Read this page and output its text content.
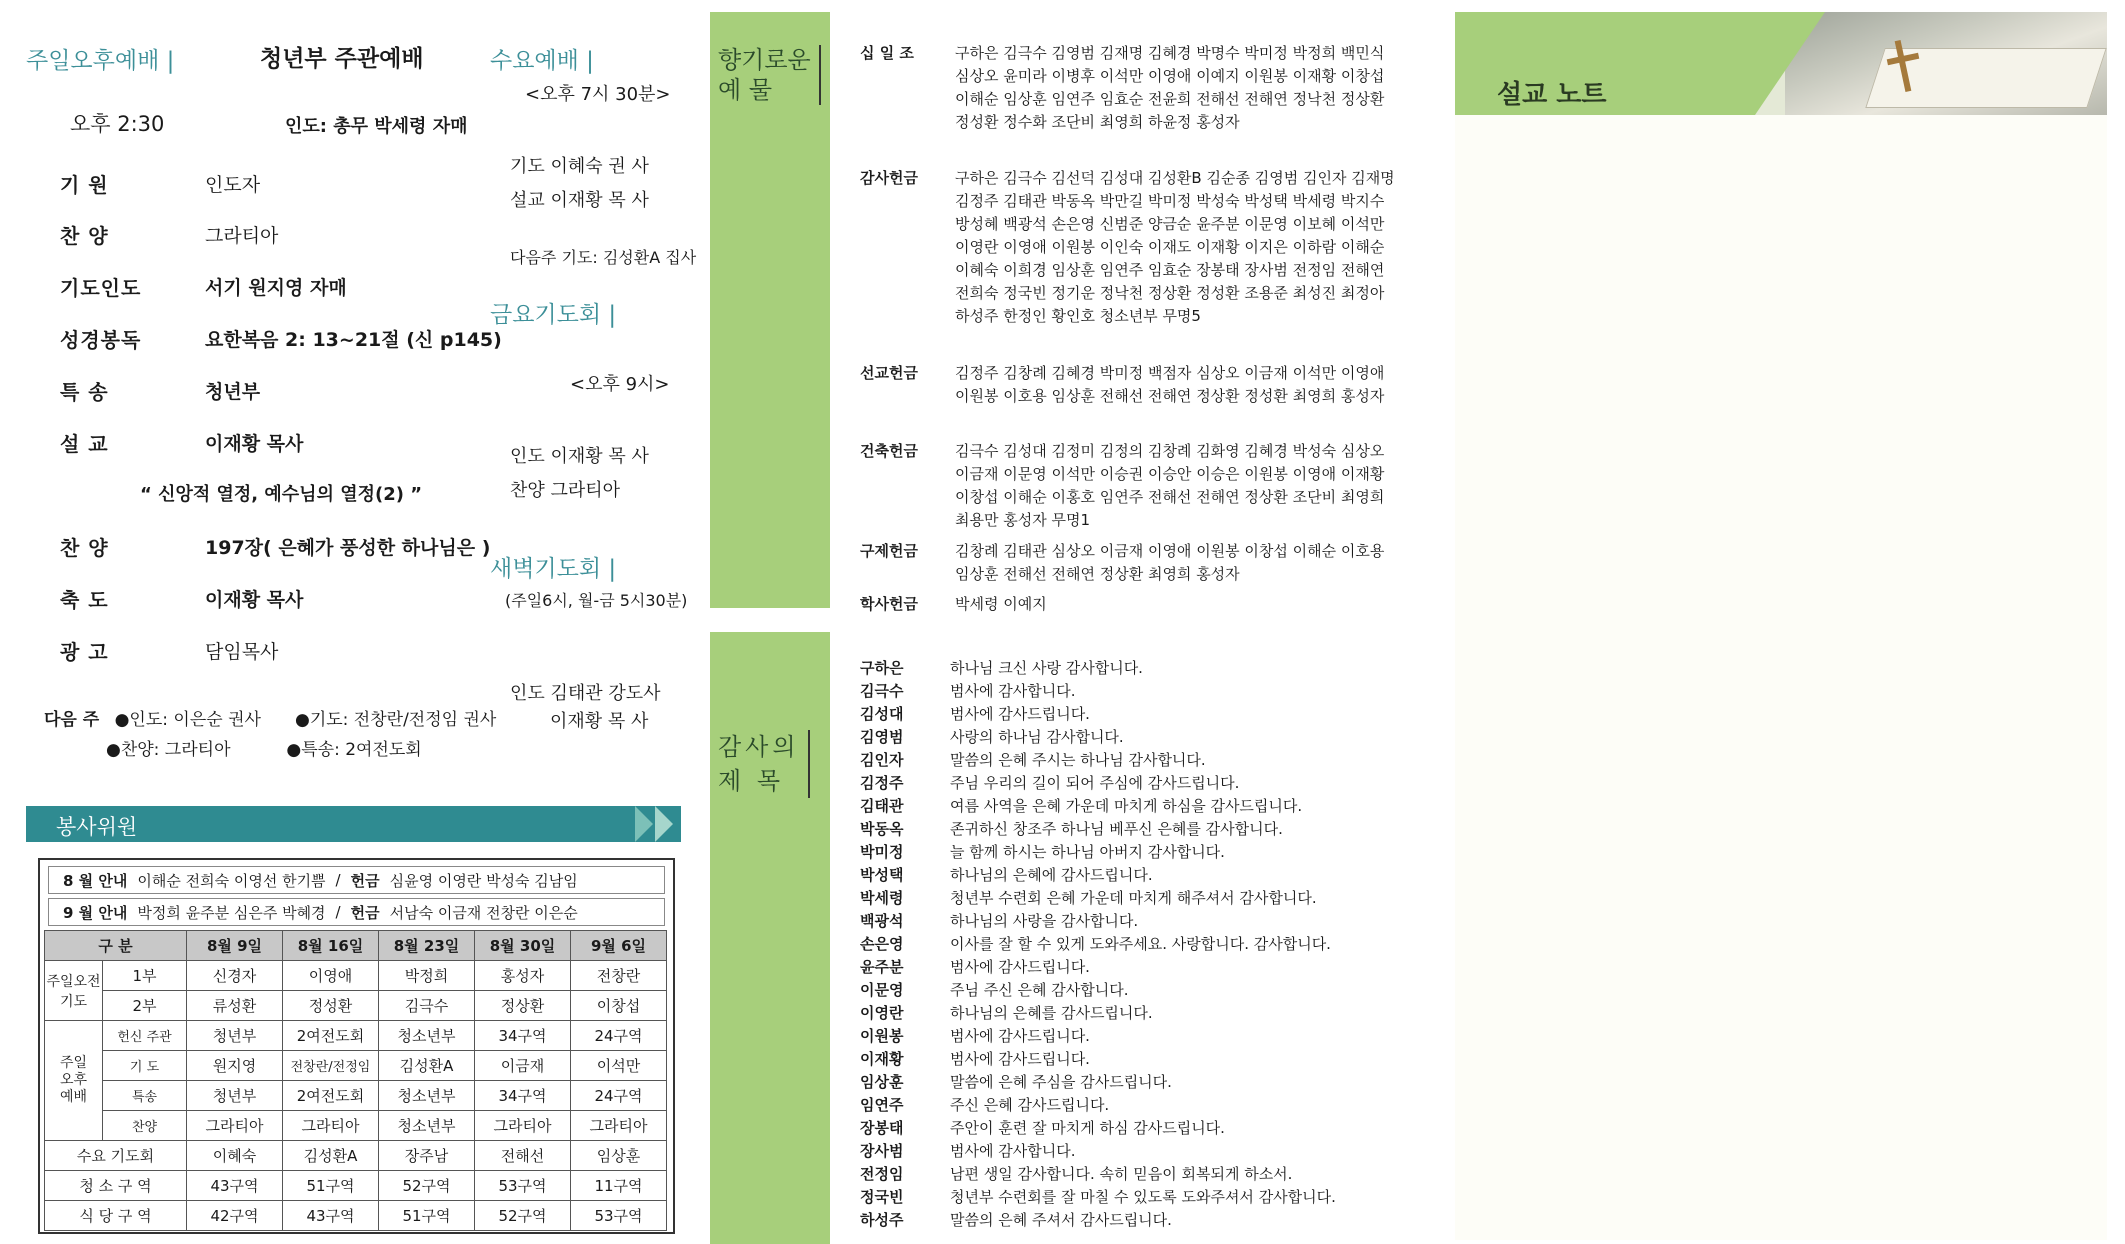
주일오후예배 |	청년부 주관예배
오후 2:30	인도: 총무 박세령 자매
기 원	인도자
찬 양	그라티아
기도인도	서기 원지영 자매
성경봉독	요한복음 2: 13~21절 (신 p145)
특 송	청년부
설 교	이재황 목사
“ 신앙적 열정, 예수님의 열정(2) ”
찬 양	197장( 은혜가 풍성한 하나님은 )
축 도	이재황 목사
광 고	담임목사
다음 주 ●인도: 이은순 권사 ●기도: 전창란/전정임 권사
●찬양: 그라티아	●특송: 2여전도회
수요예배 |
<오후 7시 30분>
기도 이혜숙 권 사
설교 이재황 목 사
다음주 기도: 김성환A 집사
금요기도회 |
<오후 9시>
인도 이재황 목 사
찬양 그라티아
새벽기도회 |
(주일6시, 월-금 5시30분)
인도 김태관 강도사
이재황 목 사
봉사위원
8 월 안내 이해순 전희숙 이영선 한기쁨 / 헌금 심윤영 이영란 박성숙 김남임
9 월 안내 박정희 윤주분 심은주 박혜경 / 헌금 서남숙 이금재 전창란 이은순
구 분		8월 9일	8월 16일	8월 23일	8월 30일	9월 6일
주일오전기도	1부	신경자	이영애	박정희	홍성자	전창란
	2부	류성환	정성환	김극수	정상환	이창섭
주일 오후 예배	헌신 주관	청년부	2여전도회	청소년부	34구역	24구역
	기 도	원지영	전창란/전정임	김성환A	이금재	이석만
	특송	청년부	2여전도회	청소년부	34구역	24구역
	찬양	그라티아	그라티아	청소년부	그라티아	그라티아
수요 기도회		이혜숙	김성환A	장주남	전해선	임상훈
청 소 구 역		43구역	51구역	52구역	53구역	11구역
식 당 구 역		42구역	43구역	51구역	52구역	53구역
향기로운
예 물
감사의
제 목
십 일 조	구하은 김극수 김영범 김재명 김혜경 박명수 박미정 박정희 백민식 심상오 윤미라 이병후 이석만 이영애 이예지 이원봉 이재황 이창섭 이해순 임상훈 임연주 임효순 전윤희 전해선 전해연 정낙천 정상환 정성환 정수화 조단비 최영희 하윤정 홍성자
감사헌금	구하은 김극수 김선덕 김성대 김성환B 김순종 김영범 김인자 김재명 김정주 김태관 박동옥 박만길 박미정 박성숙 박성택 박세령 박지수 방성혜 백광석 손은영 신범준 양금순 윤주분 이문영 이보혜 이석만 이영란 이영애 이원봉 이인숙 이재도 이재황 이지은 이하람 이해순 이혜숙 이희경 임상훈 임연주 임효순 장봉태 장사범 전정임 전해연 전희숙 정국빈 정기운 정낙천 정상환 정성환 조용준 최성진 최정아 하성주 한정인 황인호 청소년부 무명5
선교헌금	김정주 김창례 김혜경 박미정 백점자 심상오 이금재 이석만 이영애 이원봉 이호용 임상훈 전해선 전해연 정상환 정성환 최영희 홍성자
건축헌금	김극수 김성대 김정미 김정의 김창례 김화영 김혜경 박성숙 심상오 이금재 이문영 이석만 이승권 이승안 이승은 이원봉 이영애 이재황 이창섭 이해순 이홍호 임연주 전해선 전해연 정상환 조단비 최영희 최용만 홍성자 무명1
구제헌금	김창례 김태관 심상오 이금재 이영애 이원봉 이창섭 이해순 이호용 임상훈 전해선 전해연 정상환 최영희 홍성자
학사헌금	박세령 이예지
구하은	하나님 크신 사랑 감사합니다.
김극수	범사에 감사합니다.
김성대	범사에 감사드립니다.
김영범	사랑의 하나님 감사합니다.
김인자	말씀의 은혜 주시는 하나님 감사합니다.
김정주	주님 우리의 길이 되어 주심에 감사드립니다.
김태관	여름 사역을 은혜 가운데 마치게 하심을 감사드립니다.
박동옥	존귀하신 창조주 하나님 베푸신 은혜를 감사합니다.
박미정	늘 함께 하시는 하나님 아버지 감사합니다.
박성택	하나님의 은혜에 감사드립니다.
박세령	청년부 수련회 은혜 가운데 마치게 해주셔서 감사합니다.
백광석	하나님의 사랑을 감사합니다.
손은영	이사를 잘 할 수 있게 도와주세요. 사랑합니다. 감사합니다.
윤주분	범사에 감사드립니다.
이문영	주님 주신 은혜 감사합니다.
이영란	하나님의 은혜를 감사드립니다.
이원봉	범사에 감사드립니다.
이재황	범사에 감사드립니다.
임상훈	말씀에 은혜 주심을 감사드립니다.
임연주	주신 은혜 감사드립니다.
장봉태	주안이 훈련 잘 마치게 하심 감사드립니다.
장사범	범사에 감사합니다.
전정임	남편 생일 감사합니다. 속히 믿음이 회복되게 하소서.
정국빈	청년부 수련회를 잘 마칠 수 있도록 도와주셔서 감사합니다.
하성주	말씀의 은혜 주셔서 감사드립니다.
설교 노트
